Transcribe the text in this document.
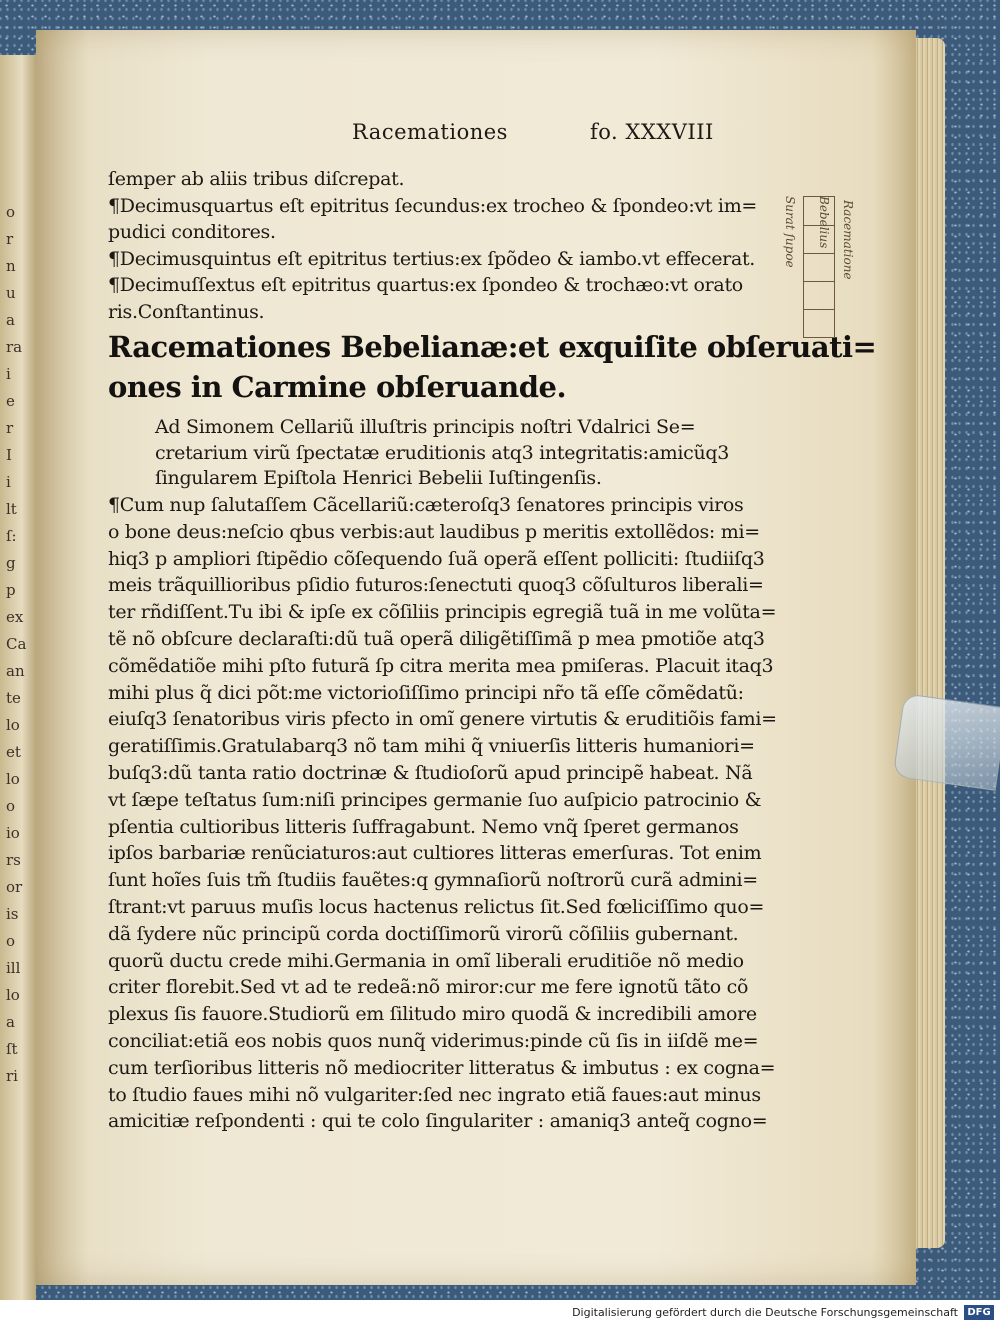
o
r
n
u
a
ra
i
e
r
I
i
lt
ſ:
g
p
ex
Ca
an
te
lo
et
lo
o
io
rs
or
is
o
ill
lo
a
ſt
ri
Racemationes	fo. XXXVIII
ſemper ab aliis tribus diſcrepat.
¶Decimusquartus eſt epitritus ſecundus:ex trocheo & ſpondeo:vt im=
pudici conditores.
¶Decimusquintus eſt epitritus tertius:ex ſpõdeo & iambo.vt effecerat.
¶Decimuſſextus eſt epitritus quartus:ex ſpondeo & trochæo:vt orato
ris.Conſtantinus.
Racemationes Bebelianæ:et exquiſite obſeruati=
ones in Carmine obſeruande.
Ad Simonem Cellariũ illuſtris principis noſtri Vdalrici Se=
cretarium virũ ſpectatæ eruditionis atq3 integritatis:amicũq3
ſingularem Epiſtola Henrici Bebelii Iuſtingenſis.
¶Cum nup ſalutaſſem Cãcellariũ:cæteroſq3 ſenatores principis viros
o bone deus:neſcio qbus verbis:aut laudibus p meritis extollẽdos: mi=
hiq3 p ampliori ſtipẽdio cõſequendo ſuã operã eſſent polliciti: ſtudiiſq3
meis trãquillioribus pſidio futuros:ſenectuti quoq3 cõſulturos liberali=
ter rñdiſſent.Tu ibi & ipſe ex cõſiliis principis egregiã tuã in me volũta=
tẽ nõ obſcure declaraſti:dũ tuã operã diligẽtiſſimã p mea pmotiõe atq3
cõmẽdatiõe mihi pſto futurã ſp citra merita mea pmiſeras. Placuit itaq3
mihi plus q̃ dici põt:me victorioſiſſimo principi nr̃o tã eſſe cõmẽdatũ:
eiuſq3 ſenatoribus viris pfecto in omĩ genere virtutis & eruditiõis fami=
geratiſſimis.Gratulabarq3 nõ tam mihi q̃ vniuerſis litteris humaniori=
buſq3:dũ tanta ratio doctrinæ & ſtudioſorũ apud principẽ habeat. Nã
vt ſæpe teſtatus ſum:niſi principes germanie ſuo auſpicio patrocinio &
pſentia cultioribus litteris ſuffragabunt. Nemo vnq̃ ſperet germanos
ipſos barbariæ renũciaturos:aut cultiores litteras emerſuras. Tot enim
ſunt hoĩes ſuis tm̃ ſtudiis fauẽtes:q gymnaſiorũ noſtrorũ curã admini=
ſtrant:vt paruus muſis locus hactenus relictus ſit.Sed fœliciſſimo quo=
dã ſydere nũc principũ corda doctiſſimorũ virorũ cõſiliis gubernant.
quorũ ductu crede mihi.Germania in omĩ liberali eruditiõe nõ medio
criter florebit.Sed vt ad te redeã:nõ miror:cur me fere ignotũ tãto cõ
plexus ſis fauore.Studiorũ em ſilitudo miro quodã & incredibili amore
conciliat:etiã eos nobis quos nunq̃ viderimus:pinde cũ ſis in iiſdẽ me=
cum terſioribus litteris nõ mediocriter litteratus & imbutus : ex cogna=
to ſtudio faues mihi nõ vulgariter:ſed nec ingrato etiã faues:aut minus
amicitiæ reſpondenti : qui te colo ſingulariter : amaniq3 anteq̃ cogno=
Surat ſupoe Bebelius Racematione
Digitalisierung gefördert durch die Deutsche Forschungsgemeinschaft DFG
